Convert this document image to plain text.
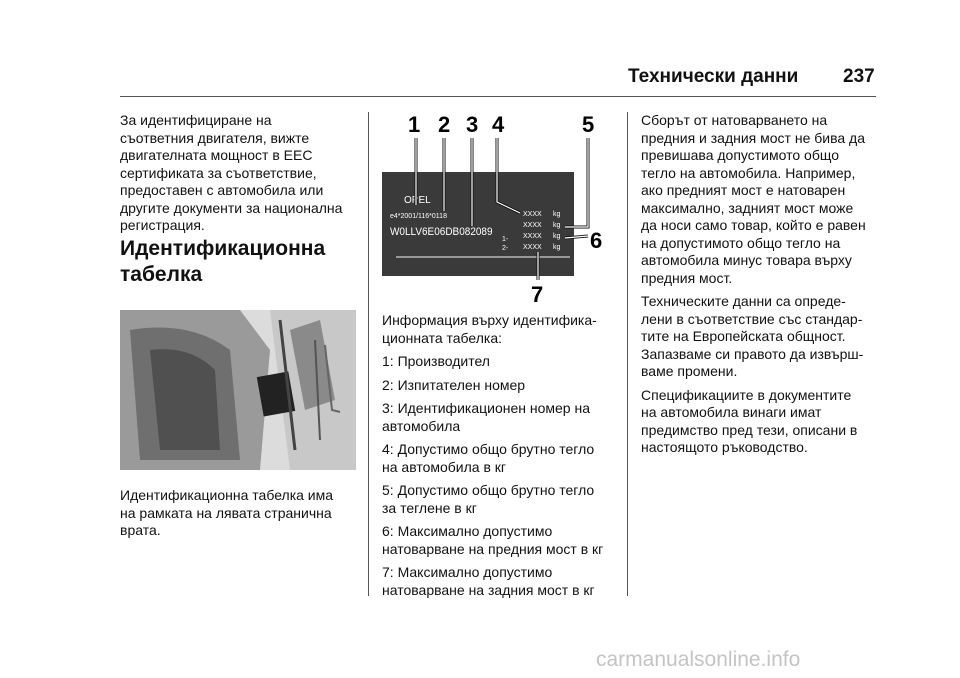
Технически данни 237
За идентифициране на
съответния двигателя, вижте
двигателната мощност в ЕЕС
сертификата за съответствие,
предоставен с автомобила или
другите документи за национална
регистрация.
Идентификационна
табелка
Идентификационна табелка има
на рамката на лявата странична
врата.
1 2 3 4	5
6
7
OPEL
e4*2001/116*0118
W0LLV6E06DB082089
XXXX
XXXX
XXXX
XXXX
kg
kg
kg
kg
1-
2-

Информация върху идентифика-
ционната табелка:

1: Производител

2: Изпитателен номер

3: Идентификационен номер на
автомобила

4: Допустимо общо брутно тегло
на автомобила в кг

5: Допустимо общо брутно тегло
за теглене в кг

6: Максимално допустимо
натоварване на предния мост в кг

7: Максимално допустимо
натоварване на задния мост в кг

Сборът от натоварването на
предния и задния мост не бива да
превишава допустимото общо
тегло на автомобила. Например,
ако предният мост е натоварен
максимално, задният мост може
да носи само товар, който е равен
на допустимото общо тегло на
автомобила минус товара върху
предния мост.

Техническите данни са опреде-
лени в съответствие със стандар-
тите на Европейската общност.
Запазваме си правото да извърш-
ваме промени.

Спецификациите в документите
на автомобила винаги имат
предимство пред тези, описани в
настоящото ръководство.

carmanualsonline.info
